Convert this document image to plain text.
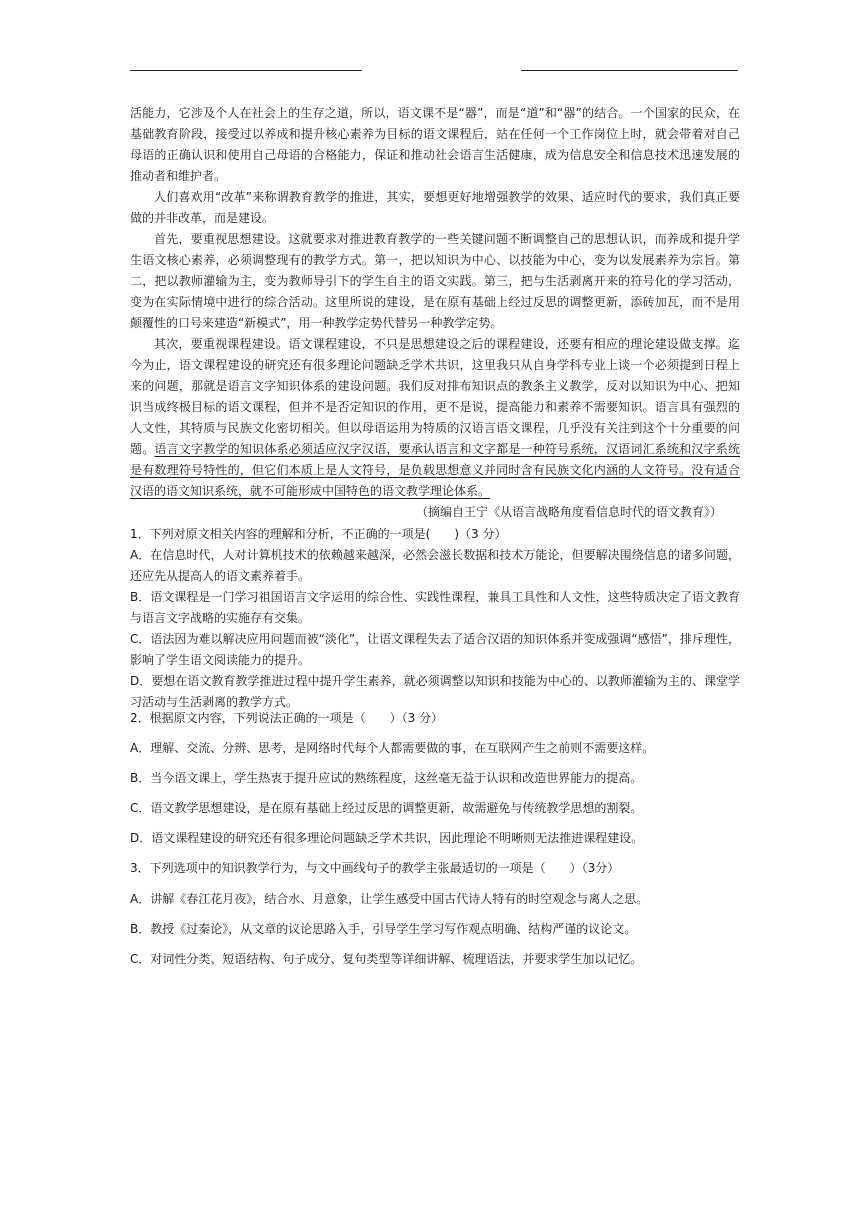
活能力，它涉及个人在社会上的生存之道，所以，语文课不是“器”，而是“道”和“器”的结合。一个国家的民众，在基础教育阶段，接受过以养成和提升核心素养为目标的语文课程后，站在任何一个工作岗位上时，就会带着对自己母语的正确认识和使用自己母语的合格能力，保证和推动社会语言生活健康，成为信息安全和信息技术迅速发展的推动者和维护者。

人们喜欢用“改革”来称谓教育教学的推进，其实，要想更好地增强教学的效果、适应时代的要求，我们真正要做的并非改革，而是建设。

首先，要重视思想建设。这就要求对推进教育教学的一些关键问题不断调整自己的思想认识，而养成和提升学生语文核心素养，必须调整现有的教学方式。第一，把以知识为中心、以技能为中心，变为以发展素养为宗旨。第二，把以教师灌输为主，变为教师导引下的学生自主的语文实践。第三，把与生活剥离开来的符号化的学习活动，变为在实际情境中进行的综合活动。这里所说的建设，是在原有基础上经过反思的调整更新，添砖加瓦，而不是用颠覆性的口号来建造“新模式”，用一种教学定势代替另一种教学定势。

其次，要重视课程建设。语文课程建设，不只是思想建设之后的课程建设，还要有相应的理论建设做支撑。迄今为止，语文课程建设的研究还有很多理论问题缺乏学术共识，这里我只从自身学科专业上谈一个必须提到日程上来的问题，那就是语言文字知识体系的建设问题。我们反对排布知识点的教条主义教学，反对以知识为中心、把知识当成终极目标的语文课程，但并不是否定知识的作用，更不是说，提高能力和素养不需要知识。语言具有强烈的人文性，其特质与民族文化密切相关。但以母语运用为特质的汉语言语文课程，几乎没有关注到这个十分重要的问题。语言文字教学的知识体系必须适应汉字汉语，要承认语言和文字都是一种符号系统，汉语词汇系统和汉字系统是有数理符号特性的，但它们本质上是人文符号，是负载思想意义并同时含有民族文化内涵的人文符号。没有适合汉语的语文知识系统，就不可能形成中国特色的语文教学理论体系。

（摘编自王宁《从语言战略角度看信息时代的语文教育》）

1．下列对原文相关内容的理解和分析，不正确的一项是(　　)（3 分）

A．在信息时代，人对计算机技术的依赖越来越深，必然会滋长数据和技术万能论，但要解决围绕信息的诸多问题，还应先从提高人的语文素养着手。

B．语文课程是一门学习祖国语言文字运用的综合性、实践性课程，兼具工具性和人文性，这些特质决定了语文教育与语言文字战略的实施存有交集。

C．语法因为难以解决应用问题而被“淡化”，让语文课程失去了适合汉语的知识体系并变成强调“感悟”，排斥理性，影响了学生语文阅读能力的提升。

D．要想在语文教育教学推进过程中提升学生素养，就必须调整以知识和技能为中心的、以教师灌输为主的、课堂学习活动与生活剥离的教学方式。

2．根据原文内容，下列说法正确的一项是（　　）（3 分）

A．理解、交流、分辨、思考，是网络时代每个人都需要做的事，在互联网产生之前则不需要这样。

B．当今语文课上，学生热衷于提升应试的熟练程度，这丝毫无益于认识和改造世界能力的提高。

C．语文教学思想建设，是在原有基础上经过反思的调整更新，故需避免与传统教学思想的割裂。

D．语文课程建设的研究还有很多理论问题缺乏学术共识，因此理论不明晰则无法推进课程建设。

3．下列选项中的知识教学行为，与文中画线句子的教学主张最适切的一项是（　　）（3分）

A．讲解《春江花月夜》，结合水、月意象，让学生感受中国古代诗人特有的时空观念与离人之思。

B．教授《过秦论》，从文章的议论思路入手，引导学生学习写作观点明确、结构严谨的议论文。

C．对词性分类、短语结构、句子成分、复句类型等详细讲解、梳理语法，并要求学生加以记忆。
